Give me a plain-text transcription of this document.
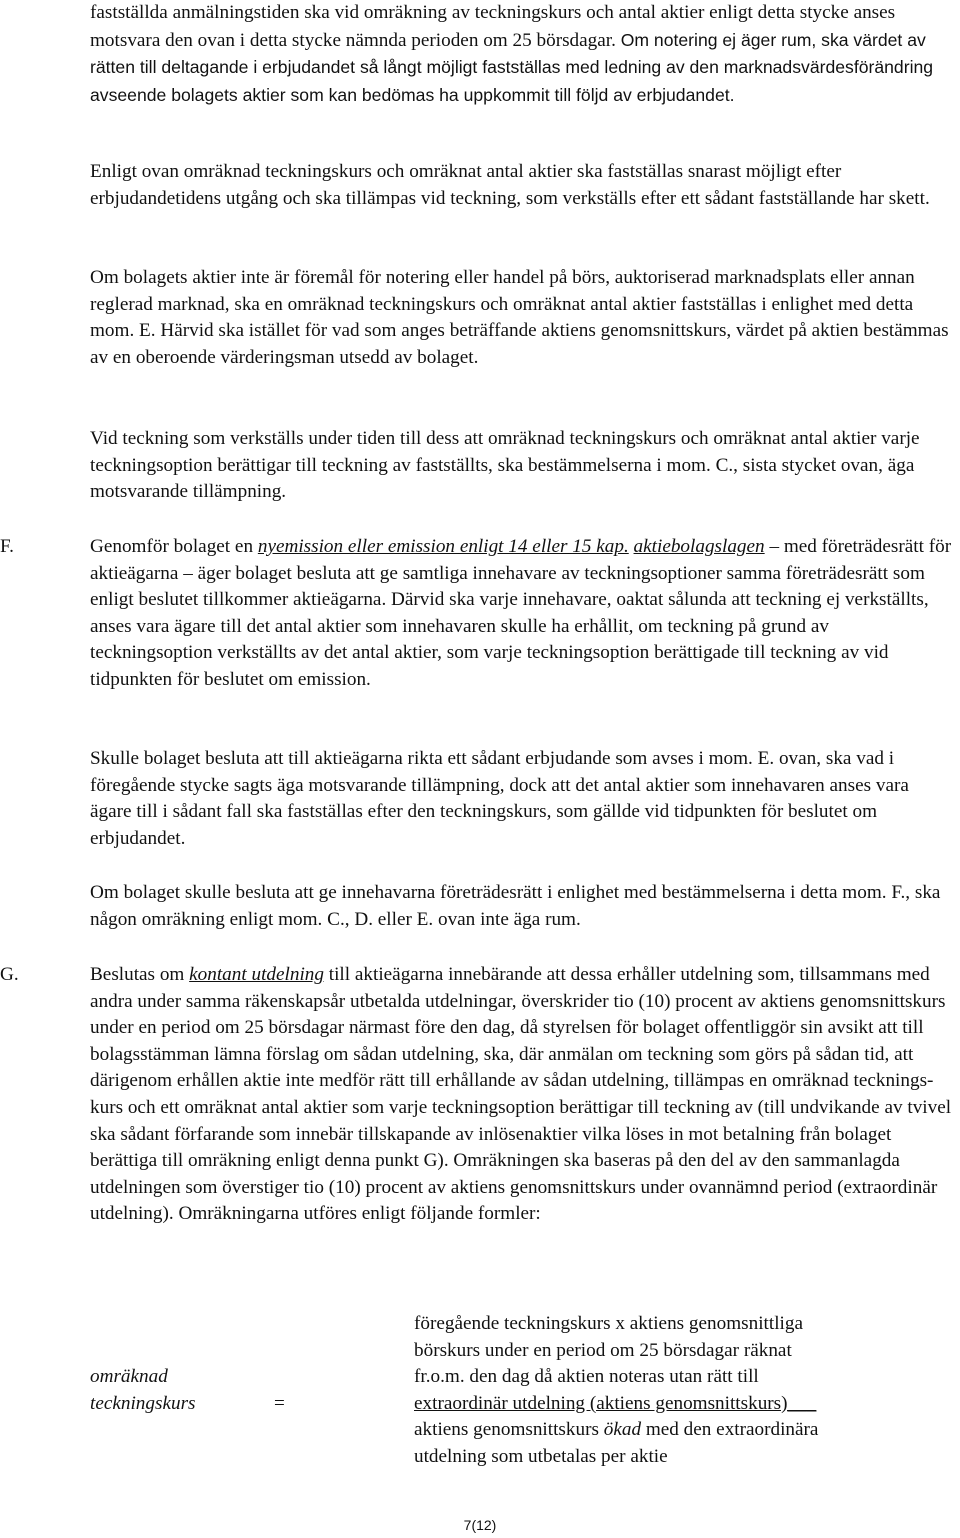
fastställda anmälningstiden ska vid omräkning av teckningskurs och antal aktier enligt detta stycke anses motsvara den ovan i detta stycke nämnda perioden om 25 börsdagar. Om notering ej äger rum, ska värdet av rätten till deltagande i erbjudandet så långt möjligt fastställas med ledning av den marknadsvärdesförändring avseende bolagets aktier som kan bedömas ha uppkommit till följd av erbjudandet.

Enligt ovan omräknad teckningskurs och omräknat antal aktier ska fastställas snarast möjligt efter erbjudandetidens utgång och ska tillämpas vid teckning, som verkställs efter ett sådant fastställande har skett.

Om bolagets aktier inte är föremål för notering eller handel på börs, auktoriserad marknadsplats eller annan reglerad marknad, ska en omräknad teckningskurs och omräknat antal aktier fastställas i enlighet med detta mom. E. Härvid ska istället för vad som anges beträffande aktiens genomsnittskurs, värdet på aktien bestämmas av en oberoende värderingsman utsedd av bolaget.

Vid teckning som verkställs under tiden till dess att omräknad teckningskurs och omräknat antal aktier varje teckningsoption berättigar till teckning av fastställts, ska bestämmelserna i mom. C., sista stycket ovan, äga motsvarande tillämpning.

F.	Genomför bolaget en nyemission eller emission enligt 14 eller 15 kap. aktiebolagslagen – med företrädesrätt för aktieägarna – äger bolaget besluta att ge samtliga innehavare av teckningsoptioner samma företrädesrätt som enligt beslutet tillkommer aktieägarna. Därvid ska varje innehavare, oaktat sålunda att teckning ej verkställts, anses vara ägare till det antal aktier som innehavaren skulle ha erhållit, om teckning på grund av teckningsoption verkställts av det antal aktier, som varje teckningsoption berättigade till teckning av vid tidpunkten för beslutet om emission.

Skulle bolaget besluta att till aktieägarna rikta ett sådant erbjudande som avses i mom. E. ovan, ska vad i föregående stycke sagts äga motsvarande tillämpning, dock att det antal aktier som innehavaren anses vara ägare till i sådant fall ska fastställas efter den teckningskurs, som gällde vid tidpunkten för beslutet om erbjudandet.

Om bolaget skulle besluta att ge innehavarna företrädesrätt i enlighet med bestämmelserna i detta mom. F., ska någon omräkning enligt mom. C., D. eller E. ovan inte äga rum.

G.	Beslutas om kontant utdelning till aktieägarna innebärande att dessa erhåller utdelning som, tillsammans med andra under samma räkenskapsår utbetalda utdelningar, överskrider tio (10) procent av aktiens genomsnittskurs under en period om 25 börsdagar närmast före den dag, då styrelsen för bolaget offentliggör sin avsikt att till bolagsstämman lämna förslag om sådan utdelning, ska, där anmälan om teckning som görs på sådan tid, att därigenom erhållen aktie inte medför rätt till erhållande av sådan utdelning, tillämpas en omräknad tecknings-kurs och ett omräknat antal aktier som varje teckningsoption berättigar till teckning av (till undvikande av tvivel ska sådant förfarande som innebär tillskapande av inlösenaktier vilka löses in mot betalning från bolaget berättiga till omräkning enligt denna punkt G). Omräkningen ska baseras på den del av den sammanlagda utdelningen som överstiger tio (10) procent av aktiens genomsnittskurs under ovannämnd period (extraordinär utdelning). Omräkningarna utföres enligt följande formler:

omräknad
teckningskurs	=
föregående teckningskurs x aktiens genomsnittliga
börskurs under en period om 25 börsdagar räknat
fr.o.m. den dag då aktien noteras utan rätt till
extraordinär utdelning (aktiens genomsnittskurs)___
aktiens genomsnittskurs ökad med den extraordinära
utdelning som utbetalas per aktie
7(12)
